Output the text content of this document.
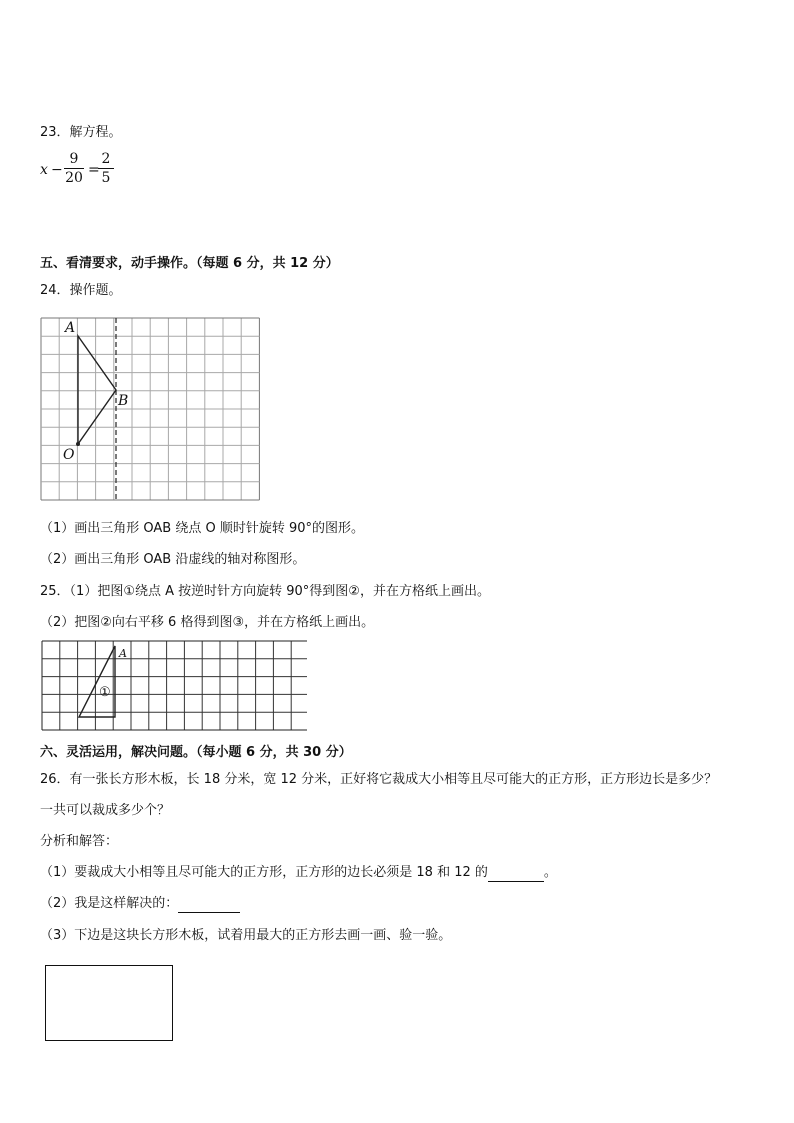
23．解方程。
x −
9
20 =
2
5
五、看清要求，动手操作。（每题 6 分，共 12 分）
24．操作题。
A
B
O
（1）画出三角形 OAB 绕点 O 顺时针旋转 90°的图形。
（2）画出三角形 OAB 沿虚线的轴对称图形。
25．（1）把图①绕点 A 按逆时针方向旋转 90°得到图②，并在方格纸上画出。
（2）把图②向右平移 6 格得到图③，并在方格纸上画出。
A
①
六、灵活运用，解决问题。（每小题 6 分，共 30 分）
26．有一张长方形木板，长 18 分米，宽 12 分米，正好将它裁成大小相等且尽可能大的正方形，正方形边长是多少？
一共可以裁成多少个？
分析和解答：
（1）要裁成大小相等且尽可能大的正方形，正方形的边长必须是 18 和 12 的	。
（2）我是这样解决的：
（3）下边是这块长方形木板，试着用最大的正方形去画一画、验一验。
